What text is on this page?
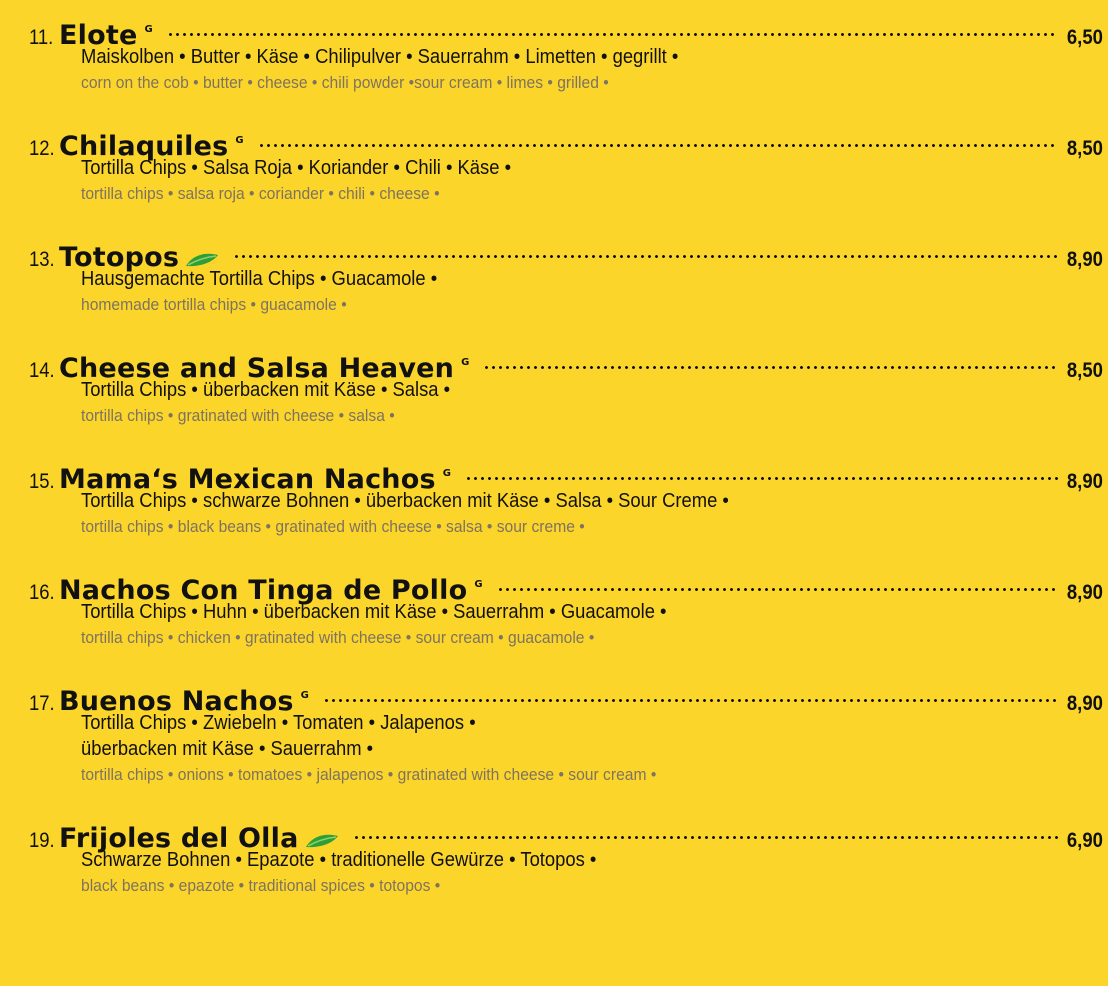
11. Elote G	6,50
Maiskolben • Butter • Käse • Chilipulver • Sauerrahm • Limetten • gegrillt •
corn on the cob • butter • cheese • chili powder •sour cream • limes • grilled •
12. Chilaquiles G	8,50
Tortilla Chips • Salsa Roja • Koriander • Chili • Käse •
tortilla chips • salsa roja • coriander • chili • cheese •
13. Totopos	8,90
Hausgemachte Tortilla Chips • Guacamole •
homemade tortilla chips • guacamole •
14. Cheese and Salsa Heaven G	8,50
Tortilla Chips • überbacken mit Käse • Salsa •
tortilla chips • gratinated with cheese • salsa •
15. Mama‘s Mexican Nachos G	8,90
Tortilla Chips • schwarze Bohnen • überbacken mit Käse • Salsa • Sour Creme •
tortilla chips • black beans • gratinated with cheese • salsa • sour creme •
16. Nachos Con Tinga de Pollo G	8,90
Tortilla Chips • Huhn • überbacken mit Käse • Sauerrahm • Guacamole •
tortilla chips • chicken • gratinated with cheese • sour cream • guacamole •
17. Buenos Nachos G	8,90
Tortilla Chips • Zwiebeln • Tomaten • Jalapenos •
überbacken mit Käse • Sauerrahm •
tortilla chips • onions • tomatoes • jalapenos • gratinated with cheese • sour cream •
19. Frijoles del Olla	6,90
Schwarze Bohnen • Epazote • traditionelle Gewürze • Totopos •
black beans • epazote • traditional spices • totopos •
